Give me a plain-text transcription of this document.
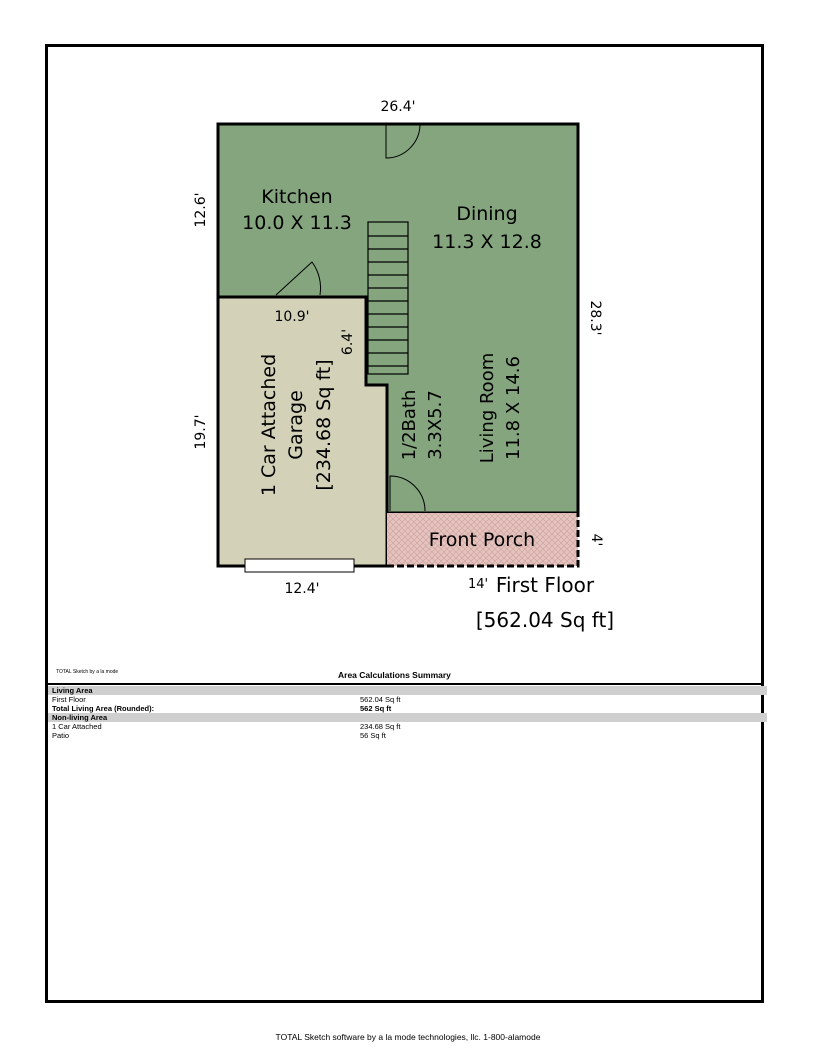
Kitchen
10.0 X 11.3	Dining
11.3 X 12.8
1 Car Attached Garage [234.68 Sq ft]	1/2Bath 3.3X5.7 Living Room 11.8 X 14.6
Front Porch
26.4'
12.6'
28.3'
10.9'
6.4'
19.7'
12.4'
4'
14' First Floor
[562.04 Sq ft]
TOTAL Sketch by a la mode	Area Calculations Summary
Living Area
First Floor	562.04 Sq ft
Total Living Area (Rounded):	562 Sq ft
Non-living Area
1 Car Attached	234.68 Sq ft
Patio	56 Sq ft
TOTAL Sketch software by a la mode technologies, llc. 1-800-alamode
